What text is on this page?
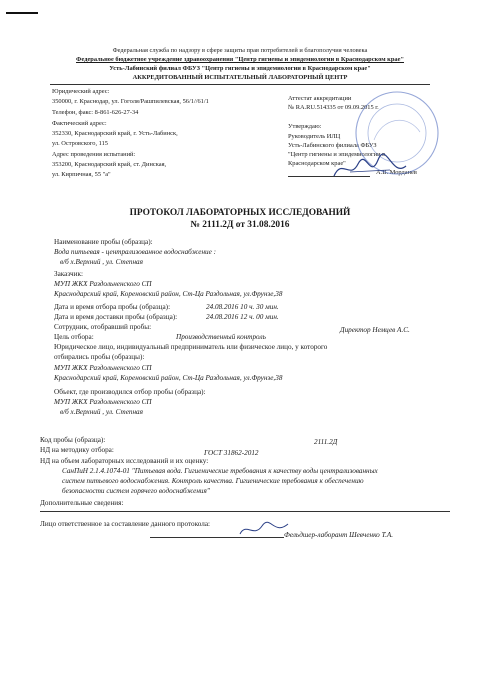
Федеральная служба по надзору в сфере защиты прав потребителей и благополучия человека
Федеральное бюджетное учреждение здравоохранения "Центр гигиены и эпидемиологии в Краснодарском крае"
Усть-Лабинский филиал ФБУЗ "Центр гигиены и эпидемиологии в Краснодарском крае"
АККРЕДИТОВАННЫЙ ИСПЫТАТЕЛЬНЫЙ ЛАБОРАТОРНЫЙ ЦЕНТР
Юридический адрес:
350000, г. Краснодар, ул. Гоголя/Рашпилевская, 56/1//61/1
Телефон, факс: 8-861-626-27-34
Фактический адрес:
352330, Краснодарский край, г. Усть-Лабинск,
ул. Островского, 115
Адрес проведения испытаний:
353200, Краснодарский край, ст. Динская,
ул. Кирпичная, 55 "а"
Аттестат аккредитации
№ RA.RU.514335 от 09.09.2015 г.
Утверждаю:
Руководитель ИЛЦ
Усть-Лабинского филиала ФБУЗ
"Центр гигиены и эпидемиологии в
Краснодарском крае"
А.В. Морданев
ПРОТОКОЛ ЛАБОРАТОРНЫХ ИССЛЕДОВАНИЙ
№ 2111.2Д от 31.08.2016
Наименование пробы (образца):
Вода питьевая - централизованное водоснабжение :
в/б х.Верхний , ул. Степная
Заказчик:
МУП ЖКХ Раздольненского СП
Краснодарский край, Кореновский район, Ст-Ца Раздольная, ул.Фрунзе,38
Дата и время отбора пробы (образца):	24.08.2016 10 ч. 30 мин.
Дата и время доставки пробы (образца):	24.08.2016 12 ч. 00 мин.
Сотрудник, отобравший пробы:	Директор Немцев А.С.
Цель отбора:	Производственный контроль
Юридическое лицо, индивидуальный предприниматель или физическое лицо, у которого
отбирались пробы (образцы):
МУП ЖКХ Раздольненского СП
Краснодарский край, Кореновский район, Ст-Ца Раздольная, ул.Фрунзе,38
Объект, где производился отбор пробы (образца):
МУП ЖКХ Раздольненского СП
в/б х.Верхний , ул. Степная
Код пробы (образца):	2111.2Д
НД на методику отбора:	ГОСТ 31862-2012
НД на объем лабораторных исследований и их оценку:
СанПиН 2.1.4.1074-01 "Питьевая вода. Гигиенические требования к качеству воды централизованных
систем питьевого водоснабжения. Контроль качества. Гигиенические требования к обеспечению
безопасности систем горячего водоснабжения"
Дополнительные сведения:
Лицо ответственное за составление данного протокола:
Фельдшер-лаборант Шевченко Т.А.
